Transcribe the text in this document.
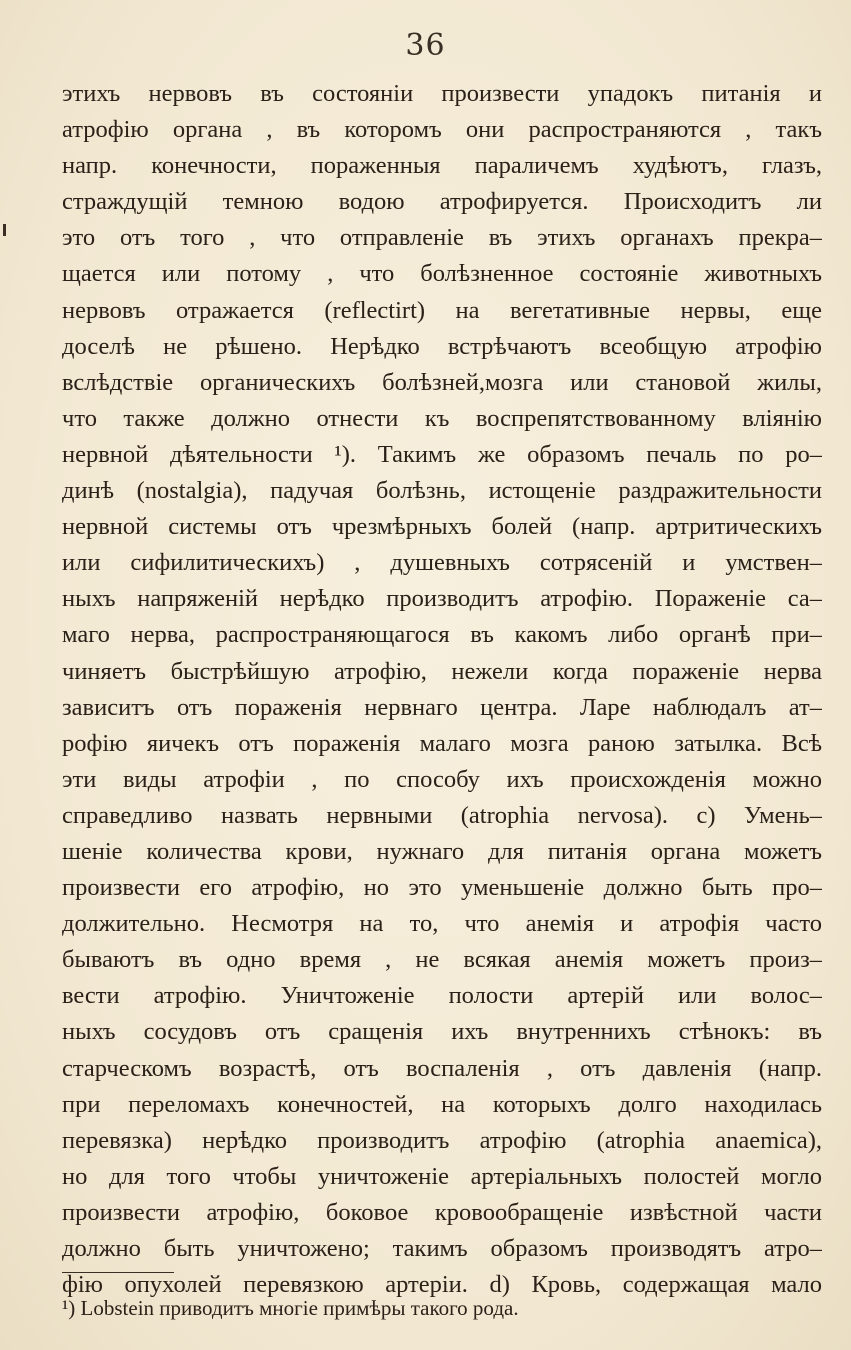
36
этихъ нервовъ въ состояніи произвести упадокъ питанія и
атрофію органа , въ которомъ они распространяются , такъ
напр. конечности, пораженныя параличемъ худѣютъ, глазъ,
страждущій темною водою атрофируется. Происходитъ ли
это отъ того , что отправленіе въ этихъ органахъ прекра–
щается или потому , что болѣзненное состояніе животныхъ
нервовъ отражается (reflectirt) на вегетативные нервы, еще
доселѣ не рѣшено. Нерѣдко встрѣчаютъ всеобщую атрофію
вслѣдствіе органическихъ болѣзней,мозга или становой жилы,
что также должно отнести къ воспрепятствованному вліянію
нервной дѣятельности ¹). Такимъ же образомъ печаль по ро–
динѣ (nostalgia), падучая болѣзнь, истощеніе раздражительности
нервной системы отъ чрезмѣрныхъ болей (напр. артритическихъ
или сифилитическихъ) , душевныхъ сотрясеній и умствен–
ныхъ напряженій нерѣдко производитъ атрофію. Пораженіе са–
маго нерва, распространяющагося въ какомъ либо органѣ при–
чиняетъ быстрѣйшую атрофію, нежели когда пораженіе нерва
зависитъ отъ пораженія нервнаго центра. Ларе наблюдалъ ат–
рофію яичекъ отъ пораженія малаго мозга раною затылка. Всѣ
эти виды атрофіи , по способу ихъ происхожденія можно
справедливо назвать нервными (atrophia nervosa). c) Умень–
шеніе количества крови, нужнаго для питанія органа можетъ
произвести его атрофію, но это уменьшеніе должно быть про–
должительно. Несмотря на то, что анемія и атрофія часто
бываютъ въ одно время , не всякая анемія можетъ произ–
вести атрофію. Уничтоженіе полости артерій или волос–
ныхъ сосудовъ отъ сращенія ихъ внутреннихъ стѣнокъ: въ
старческомъ возрастѣ, отъ воспаленія , отъ давленія (напр.
при переломахъ конечностей, на которыхъ долго находилась
перевязка) нерѣдко производитъ атрофію (atrophia anaemica),
но для того чтобы уничтоженіе артеріальныхъ полостей могло
произвести атрофію, боковое кровообращеніе извѣстной части
должно быть уничтожено; такимъ образомъ производятъ атро–
фію опухолей перевязкою артеріи. d) Кровь, содержащая мало
¹) Lobstein приводитъ многіе примѣры такого рода.
